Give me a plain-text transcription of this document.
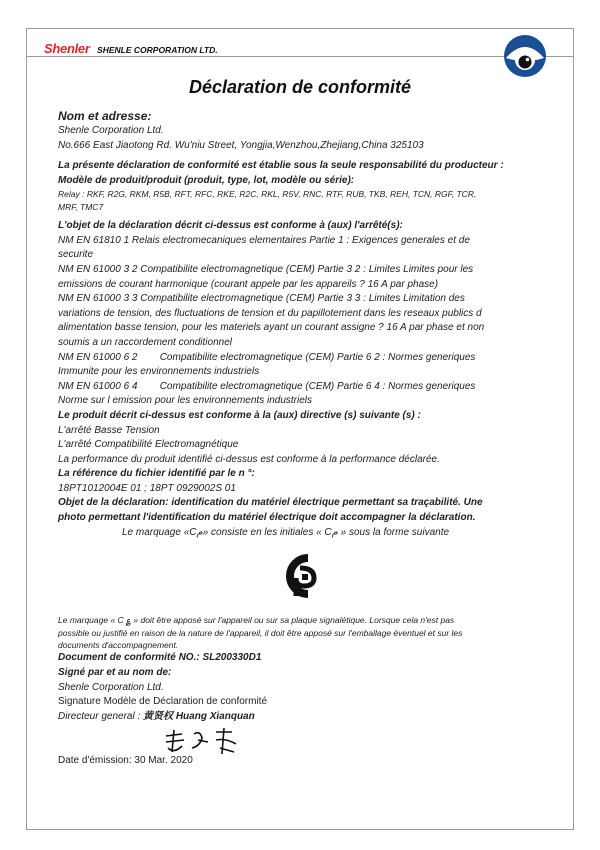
Shenler SHENLE CORPORATION LTD.
Déclaration de conformité

Nom et adresse:

Shenle Corporation Ltd.

No.666 East Jiaotong Rd. Wu'niu Street, Yongjia,Wenzhou,Zhejiang,China 325103

La présente déclaration de conformité est établie sous la seule responsabilité du producteur :

Modèle de produit/produit (produit, type, lot, modèle ou série):

Relay : RKF, R2G, RKM, R5B, RFT, RFC, RKE, R2C, RKL, R5V, RNC, RTF, RUB, TKB, REH, TCN, RGF, TCR,

MRF, TMC7

L'objet de la déclaration décrit ci-dessus est conforme à (aux) l'arrêté(s):

NM EN 61810 1 Relais electromecaniques elementaires Partie 1 : Exigences generales et de

securite

NM EN 61000 3 2 Compatibilite electromagnetique (CEM) Partie 3 2 : Limites Limites pour les

emissions de courant harmonique (courant appele par les appareils ? 16 A par phase)

NM EN 61000 3 3 Compatibilite electromagnetique (CEM) Partie 3 3 : Limites Limitation des

variations de tension, des fluctuations de tension et du papillotement dans les reseaux publics d

alimentation basse tension, pour les materiels ayant un courant assigne ? 16 A par phase et non

soumis a un raccordement conditionnel

NM EN 61000 6 2        Compatibilite electromagnetique (CEM) Partie 6 2 : Normes generiques

Immunite pour les environnements industriels

NM EN 61000 6 4        Compatibilite electromagnetique (CEM) Partie 6 4 : Normes generiques

Norme sur l emission pour les environnements industriels

Le produit décrit ci-dessus est conforme à la (aux) directive (s) suivante (s) :

L'arrêté Basse Tension

L'arrêté Compatibilité Electromagnétique

La performance du produit identifié ci-dessus est conforme à la performance déclarée.

La référence du fichier identifié par le n °:

18PT1012004E 01 ; 18PT 0929002S 01

Objet de la déclaration: identification du matériel électrique permettant sa traçabilité. Une

photo permettant l'identification du matériel électrique doit accompagner la déclaration.

Le marquage «Cم» consiste en les initiales « Cم » sous la forme suivante

Le marquage « C ؏ » doit être apposé sur l'appareil ou sur sa plaque signalétique. Lorsque cela n'est pas

possible ou justifié en raison de la nature de l'appareil, il doit être apposé sur l'emballage éventuel et sur les

documents d'accompagnement.

Document de conformité NO.: SL200330D1

Signé par et au nom de:

Shenle Corporation Ltd.

Signature Modèle de Déclaration de conformité

Directeur general : 黄贤权 Huang Xianquan

Date d'émission: 30 Mar. 2020
